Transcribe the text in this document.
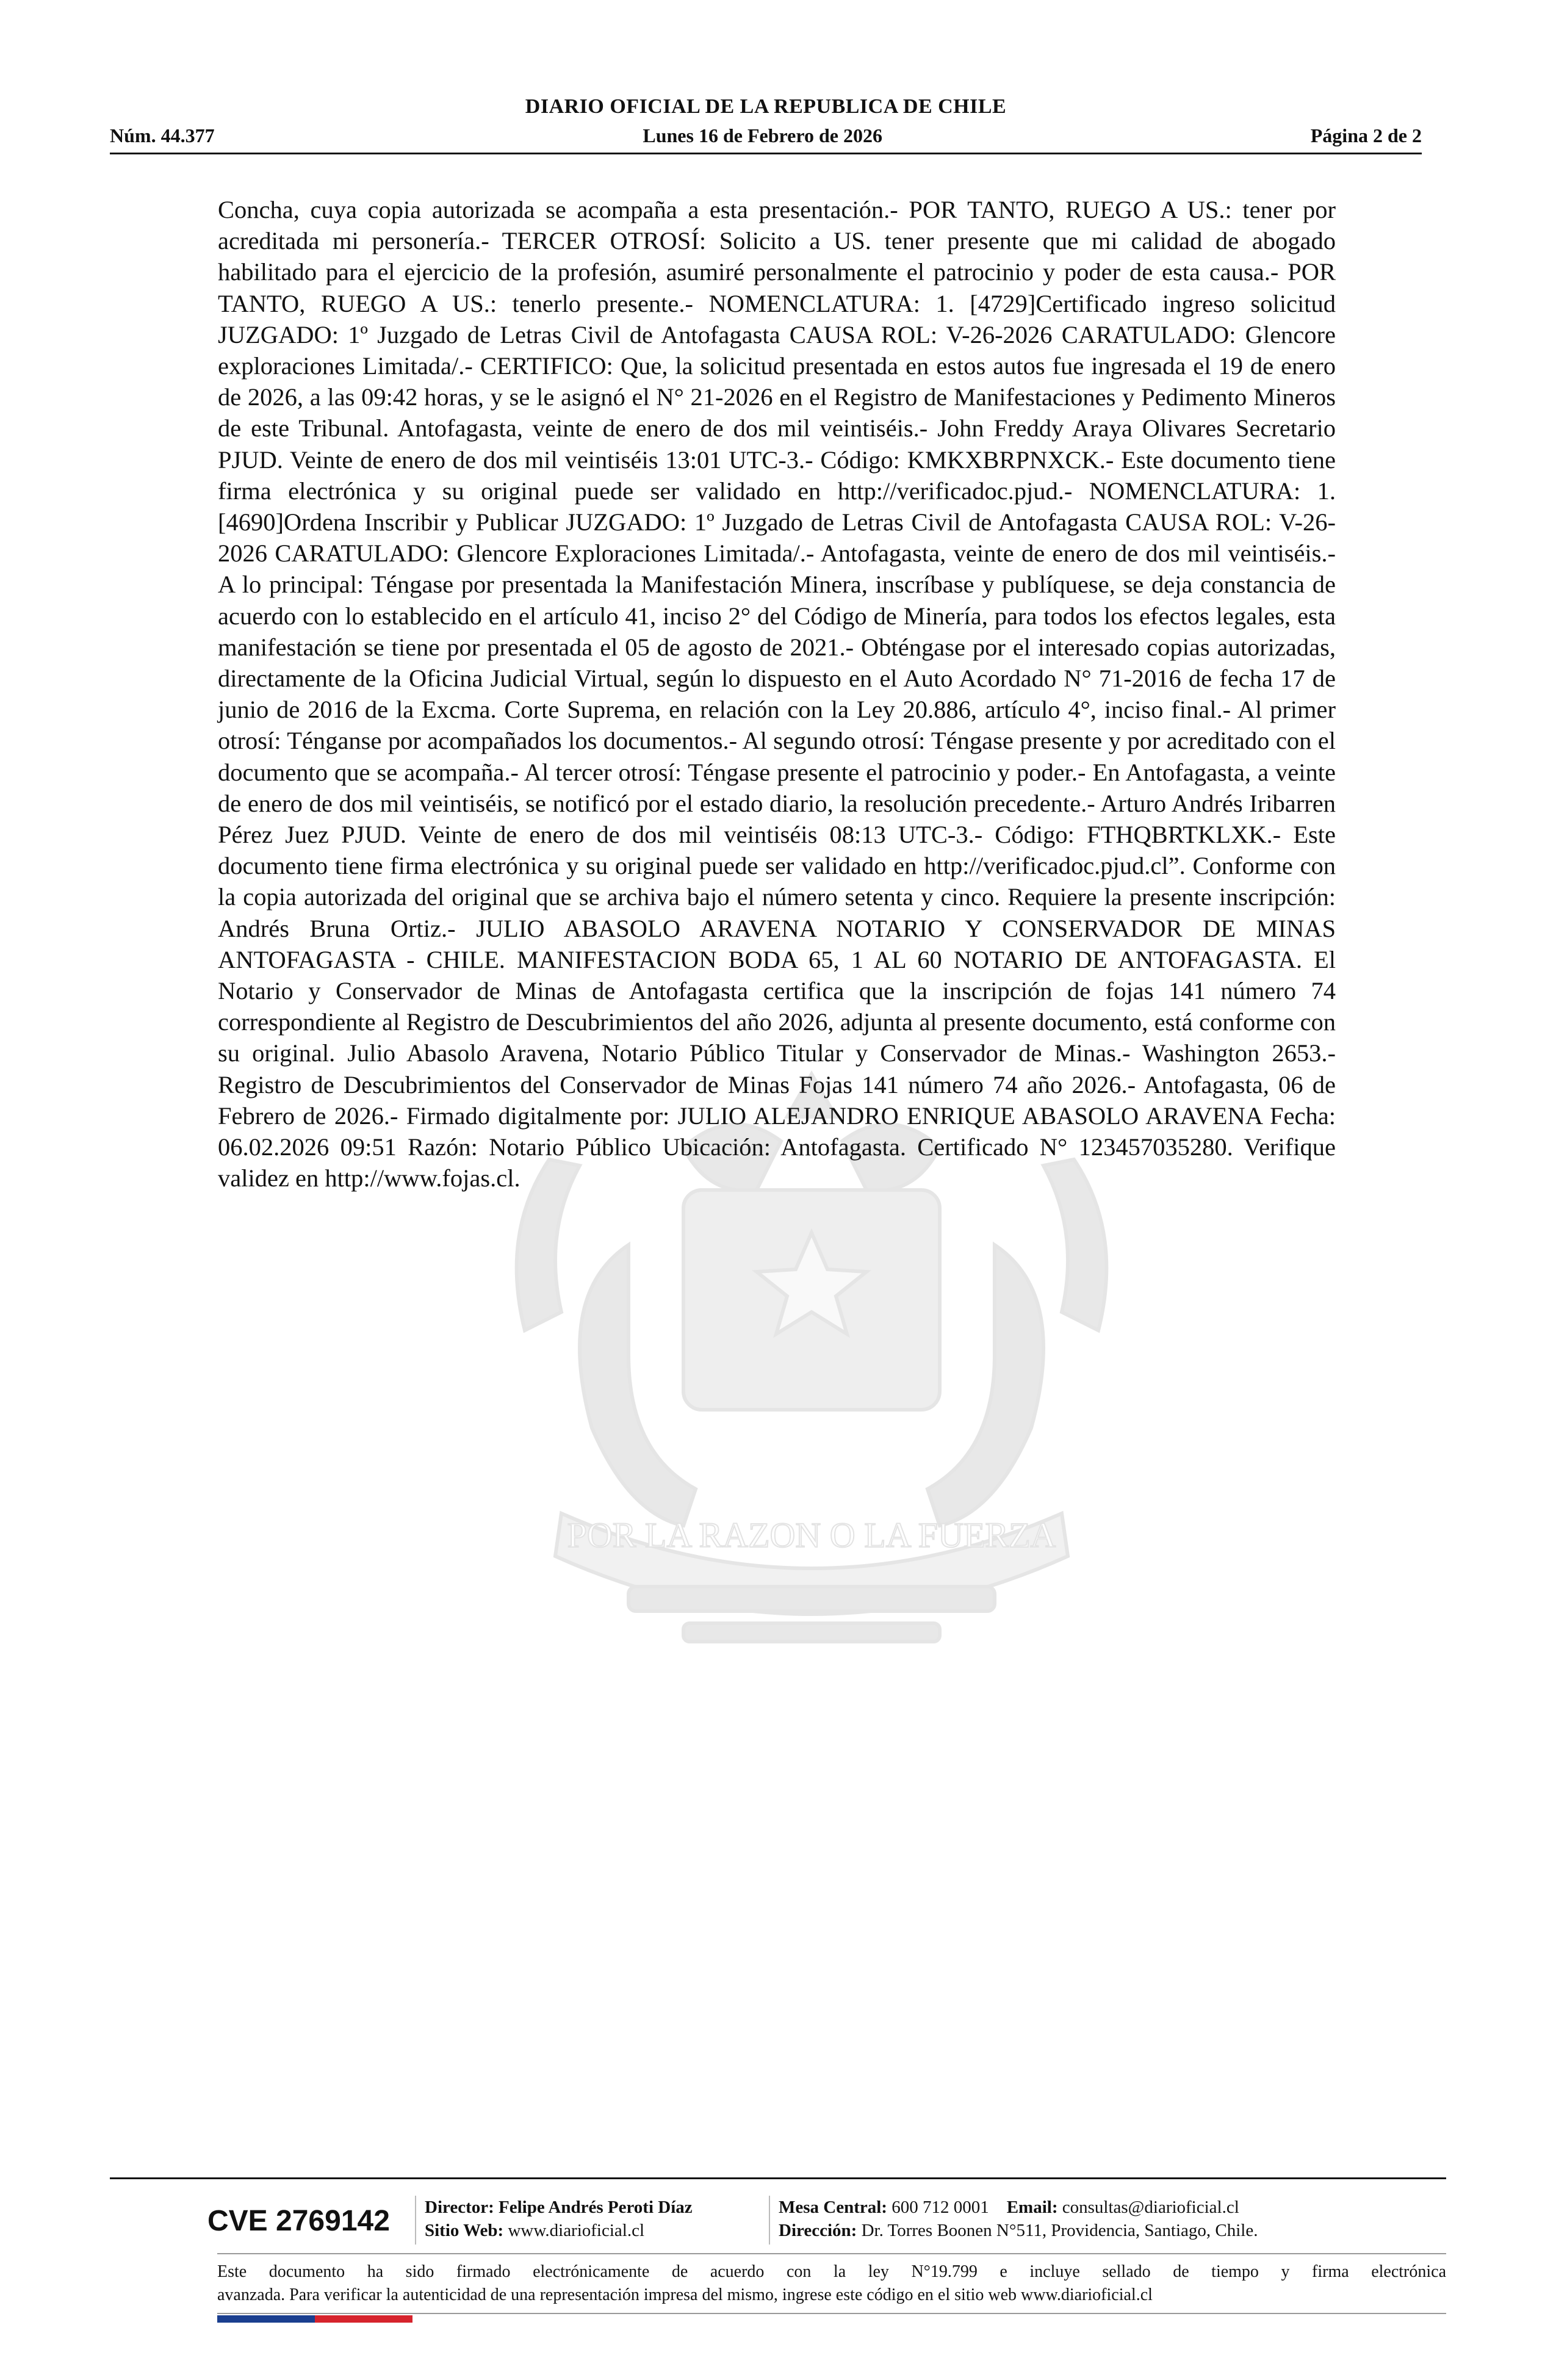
DIARIO OFICIAL DE LA REPUBLICA DE CHILE
Núm. 44.377	Lunes 16 de Febrero de 2026	Página 2 de 2
POR LA RAZON O LA FUERZA
Concha, cuya copia autorizada se acompaña a esta presentación.- POR TANTO, RUEGO A US.: tener por acreditada mi personería.- TERCER OTROSÍ: Solicito a US. tener presente que mi calidad de abogado habilitado para el ejercicio de la profesión, asumiré personalmente el patrocinio y poder de esta causa.- POR TANTO, RUEGO A US.: tenerlo presente.- NOMENCLATURA: 1. [4729]Certificado ingreso solicitud JUZGADO: 1º Juzgado de Letras Civil de Antofagasta CAUSA ROL: V-26-2026 CARATULADO: Glencore exploraciones Limitada/.- CERTIFICO: Que, la solicitud presentada en estos autos fue ingresada el 19 de enero de 2026, a las 09:42 horas, y se le asignó el N° 21-2026 en el Registro de Manifestaciones y Pedimento Mineros de este Tribunal. Antofagasta, veinte de enero de dos mil veintiséis.- John Freddy Araya Olivares Secretario PJUD. Veinte de enero de dos mil veintiséis 13:01 UTC-3.- Código: KMKXBRPNXCK.- Este documento tiene firma electrónica y su original puede ser validado en http://verificadoc.pjud.- NOMENCLATURA: 1. [4690]Ordena Inscribir y Publicar JUZGADO: 1º Juzgado de Letras Civil de Antofagasta CAUSA ROL: V-26-2026 CARATULADO: Glencore Exploraciones Limitada/.- Antofagasta, veinte de enero de dos mil veintiséis.- A lo principal: Téngase por presentada la Manifestación Minera, inscríbase y publíquese, se deja constancia de acuerdo con lo establecido en el artículo 41, inciso 2° del Código de Minería, para todos los efectos legales, esta manifestación se tiene por presentada el 05 de agosto de 2021.- Obténgase por el interesado copias autorizadas, directamente de la Oficina Judicial Virtual, según lo dispuesto en el Auto Acordado N° 71-2016 de fecha 17 de junio de 2016 de la Excma. Corte Suprema, en relación con la Ley 20.886, artículo 4°, inciso final.- Al primer otrosí: Ténganse por acompañados los documentos.- Al segundo otrosí: Téngase presente y por acreditado con el documento que se acompaña.- Al tercer otrosí: Téngase presente el patrocinio y poder.- En Antofagasta, a veinte de enero de dos mil veintiséis, se notificó por el estado diario, la resolución precedente.- Arturo Andrés Iribarren Pérez Juez PJUD. Veinte de enero de dos mil veintiséis 08:13 UTC-3.- Código: FTHQBRTKLXK.- Este documento tiene firma electrónica y su original puede ser validado en http://verificadoc.pjud.cl”. Conforme con la copia autorizada del original que se archiva bajo el número setenta y cinco. Requiere la presente inscripción: Andrés Bruna Ortiz.- JULIO ABASOLO ARAVENA NOTARIO Y CONSERVADOR DE MINAS ANTOFAGASTA - CHILE. MANIFESTACION BODA 65, 1 AL 60 NOTARIO DE ANTOFAGASTA. El Notario y Conservador de Minas de Antofagasta certifica que la inscripción de fojas 141 número 74 correspondiente al Registro de Descubrimientos del año 2026, adjunta al presente documento, está conforme con su original. Julio Abasolo Aravena, Notario Público Titular y Conservador de Minas.- Washington 2653.- Registro de Descubrimientos del Conservador de Minas Fojas 141 número 74 año 2026.- Antofagasta, 06 de Febrero de 2026.- Firmado digitalmente por: JULIO ALEJANDRO ENRIQUE ABASOLO ARAVENA Fecha: 06.02.2026 09:51 Razón: Notario Público Ubicación: Antofagasta. Certificado N° 123457035280. Verifique validez en http://www.fojas.cl.
CVE 2769142 Director: Felipe Andrés Peroti Díaz
Sitio Web: www.diarioficial.cl
Mesa Central: 600 712 0001 Email: consultas@diarioficial.cl
Dirección: Dr. Torres Boonen N°511, Providencia, Santiago, Chile.
Este documento ha sido firmado electrónicamente de acuerdo con la ley N°19.799 e incluye sellado de tiempo y firma electrónica
avanzada. Para verificar la autenticidad de una representación impresa del mismo, ingrese este código en el sitio web www.diarioficial.cl
